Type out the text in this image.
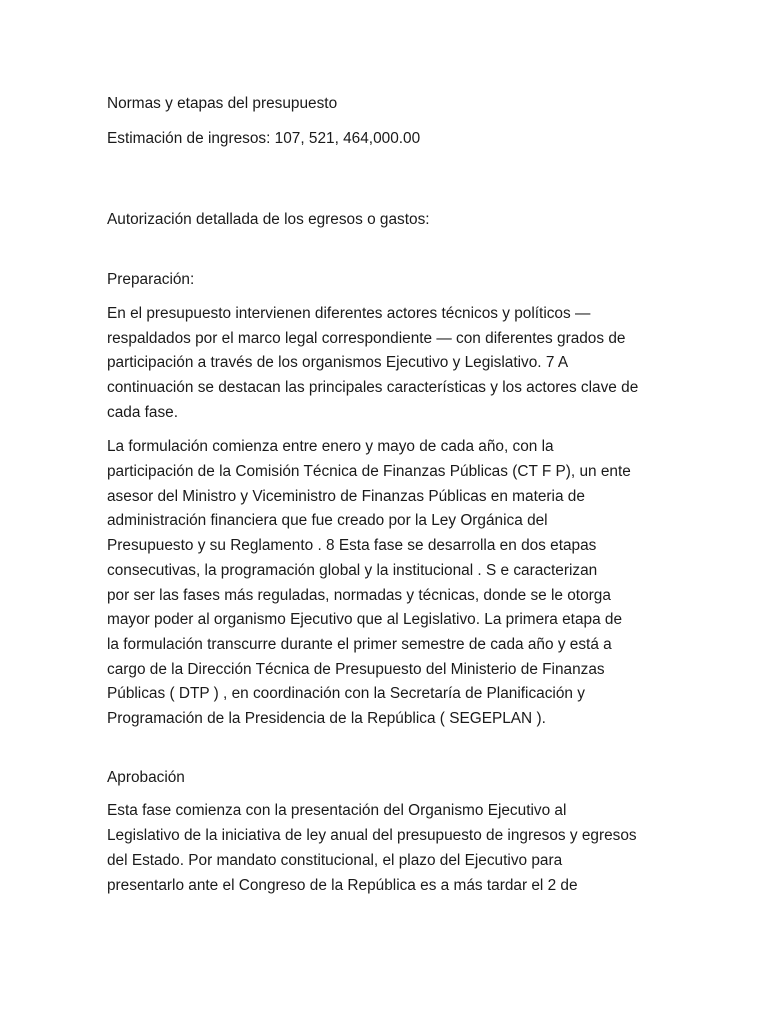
Normas y etapas del presupuesto

Estimación de ingresos: 107, 521, 464,000.00

Autorización detallada de los egresos o gastos:

Preparación:

En el presupuesto intervienen diferentes actores técnicos y políticos —
respaldados por el marco legal correspondiente — con diferentes grados de
participación a través de los organismos Ejecutivo y Legislativo. 7 A
continuación se destacan las principales características y los actores clave de
cada fase.

La formulación comienza entre enero y mayo de cada año, con la
participación de la Comisión Técnica de Finanzas Públicas (CT F P), un ente
asesor del Ministro y Viceministro de Finanzas Públicas en materia de
administración financiera que fue creado por la Ley Orgánica del
Presupuesto y su Reglamento . 8 Esta fase se desarrolla en dos etapas
consecutivas, la programación global y la institucional . S e caracterizan
por ser las fases más reguladas, normadas y técnicas, donde se le otorga
mayor poder al organismo Ejecutivo que al Legislativo. La primera etapa de
la formulación transcurre durante el primer semestre de cada año y está a
cargo de la Dirección Técnica de Presupuesto del Ministerio de Finanzas
Públicas ( DTP ) , en coordinación con la Secretaría de Planificación y
Programación de la Presidencia de la República ( SEGEPLAN ).

Aprobación

Esta fase comienza con la presentación del Organismo Ejecutivo al
Legislativo de la iniciativa de ley anual del presupuesto de ingresos y egresos
del Estado. Por mandato constitucional, el plazo del Ejecutivo para
presentarlo ante el Congreso de la República es a más tardar el 2 de
